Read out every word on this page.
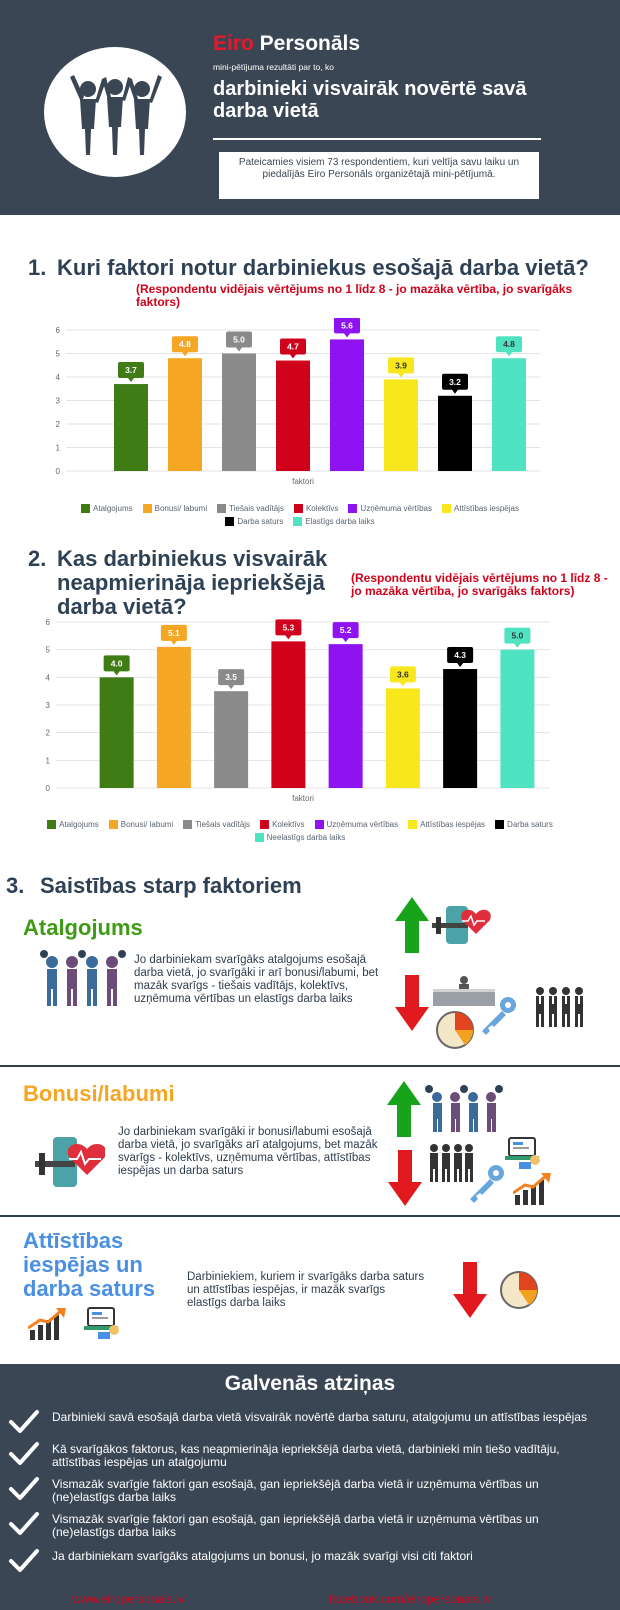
Eiro Personāls
mini-pētījuma rezultāti par to, ko
darbinieki visvairāk novērtē savā darba vietā
Pateicamies visiem 73 respondentiem, kuri veltīja savu laiku un piedalījās Eiro Personāls organizētajā mini-pētījumā.
1. Kuri faktori notur darbiniekus esošajā darba vietā?
(Respondentu vidējais vērtējums no 1 līdz 8 - jo mazāka vērtība, jo svarīgāks faktors)
0
1
2
3
4
5
6
3.7
4.8	5.0
4.7
5.6
3.9
3.2
4.8
faktori
Atalgojums	Bonusi/ labumi	Tiešais vadītājs	Kolektīvs	Uzņēmuma vērtības	Attīstības iespējas
Darba saturs	Elastīgs darba laiks
2. Kas darbiniekus visvairāk neapmierināja iepriekšējā darba vietā?
(Respondentu vidējais vērtējums no 1 līdz 8 - jo mazāka vērtība, jo svarīgāks faktors)
0
1
2
3
4
5
6
4.0
5.1
3.5
5.3	5.2
3.6
4.3
5.0
faktori
Atalgojums	Bonusi/ labumi	Tiešais vadītājs	Kolektīvs	Uzņēmuma vērtības	Attīstības iespējas	Darba saturs
Neelastīgs darba laiks
3. Saistības starp faktoriem
Atalgojums
Jo darbiniekam svarīgāks atalgojums esošajā darba vietā, jo svarīgāki ir arī bonusi/labumi, bet mazāk svarīgs - tiešais vadītājs, kolektīvs, uzņēmuma vērtības un elastīgs darba laiks
Bonusi/labumi
Jo darbiniekam svarīgāki ir bonusi/labumi esošajā darba vietā, jo svarīgāks arī atalgojums, bet mazāk svarīgs - kolektīvs, uzņēmuma vērtības, attīstības iespējas un darba saturs
Attīstības iespējas un darba saturs	Darbiniekiem, kuriem ir svarīgāks darba saturs un attīstības iespējas, ir mazāk svarīgs elastīgs darba laiks
Galvenās atziņas
Darbinieki savā esošajā darba vietā visvairāk novērtē darba saturu, atalgojumu un attīstības iespējas
Kā svarīgākos faktorus, kas neapmierināja iepriekšējā darba vietā, darbinieki min tiešo vadītāju, attīstības iespējas un atalgojumu
Vismazāk svarīgie faktori gan esošajā, gan iepriekšējā darba vietā ir uzņēmuma vērtības un (ne)elastīgs darba laiks
Vismazāk svarīgie faktori gan esošajā, gan iepriekšējā darba vietā ir uzņēmuma vērtības un (ne)elastīgs darba laiks
Ja darbiniekam svarīgāks atalgojums un bonusi, jo mazāk svarīgi visi citi faktori
www.eiropersonals.lv	facebook.com/eiropersonals.lv
